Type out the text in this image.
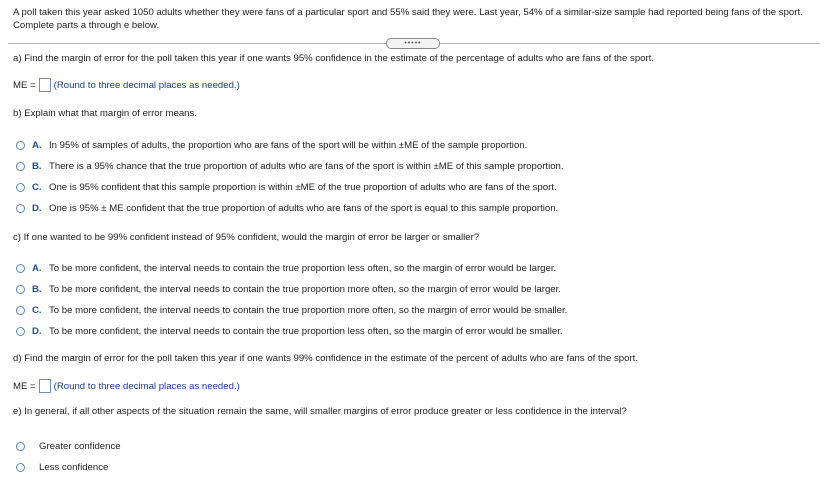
A poll taken this year asked 1050 adults whether they were fans of a particular sport and 55% said they were. Last year, 54% of a similar-size sample had reported being fans of the sport. Complete parts a through e below.
•••••
a) Find the margin of error for the poll taken this year if one wants 95% confidence in the estimate of the percentage of adults who are fans of the sport.
ME = (Round to three decimal places as needed.)
b) Explain what that margin of error means.
A. In 95% of samples of adults, the proportion who are fans of the sport will be within ±ME of the sample proportion.
B. There is a 95% chance that the true proportion of adults who are fans of the sport is within ±ME of this sample proportion.
C. One is 95% confident that this sample proportion is within ±ME of the true proportion of adults who are fans of the sport.
D. One is 95% ± ME confident that the true proportion of adults who are fans of the sport is equal to this sample proportion.
c) If one wanted to be 99% confident instead of 95% confident, would the margin of error be larger or smaller?
A. To be more confident, the interval needs to contain the true proportion less often, so the margin of error would be larger.
B. To be more confident, the interval needs to contain the true proportion more often, so the margin of error would be larger.
C. To be more confident, the interval needs to contain the true proportion more often, so the margin of error would be smaller.
D. To be more confident, the interval needs to contain the true proportion less often, so the margin of error would be smaller.
d) Find the margin of error for the poll taken this year if one wants 99% confidence in the estimate of the percent of adults who are fans of the sport.
ME = (Round to three decimal places as needed.)
e) In general, if all other aspects of the situation remain the same, will smaller margins of error produce greater or less confidence in the interval?
Greater confidence
Less confidence
